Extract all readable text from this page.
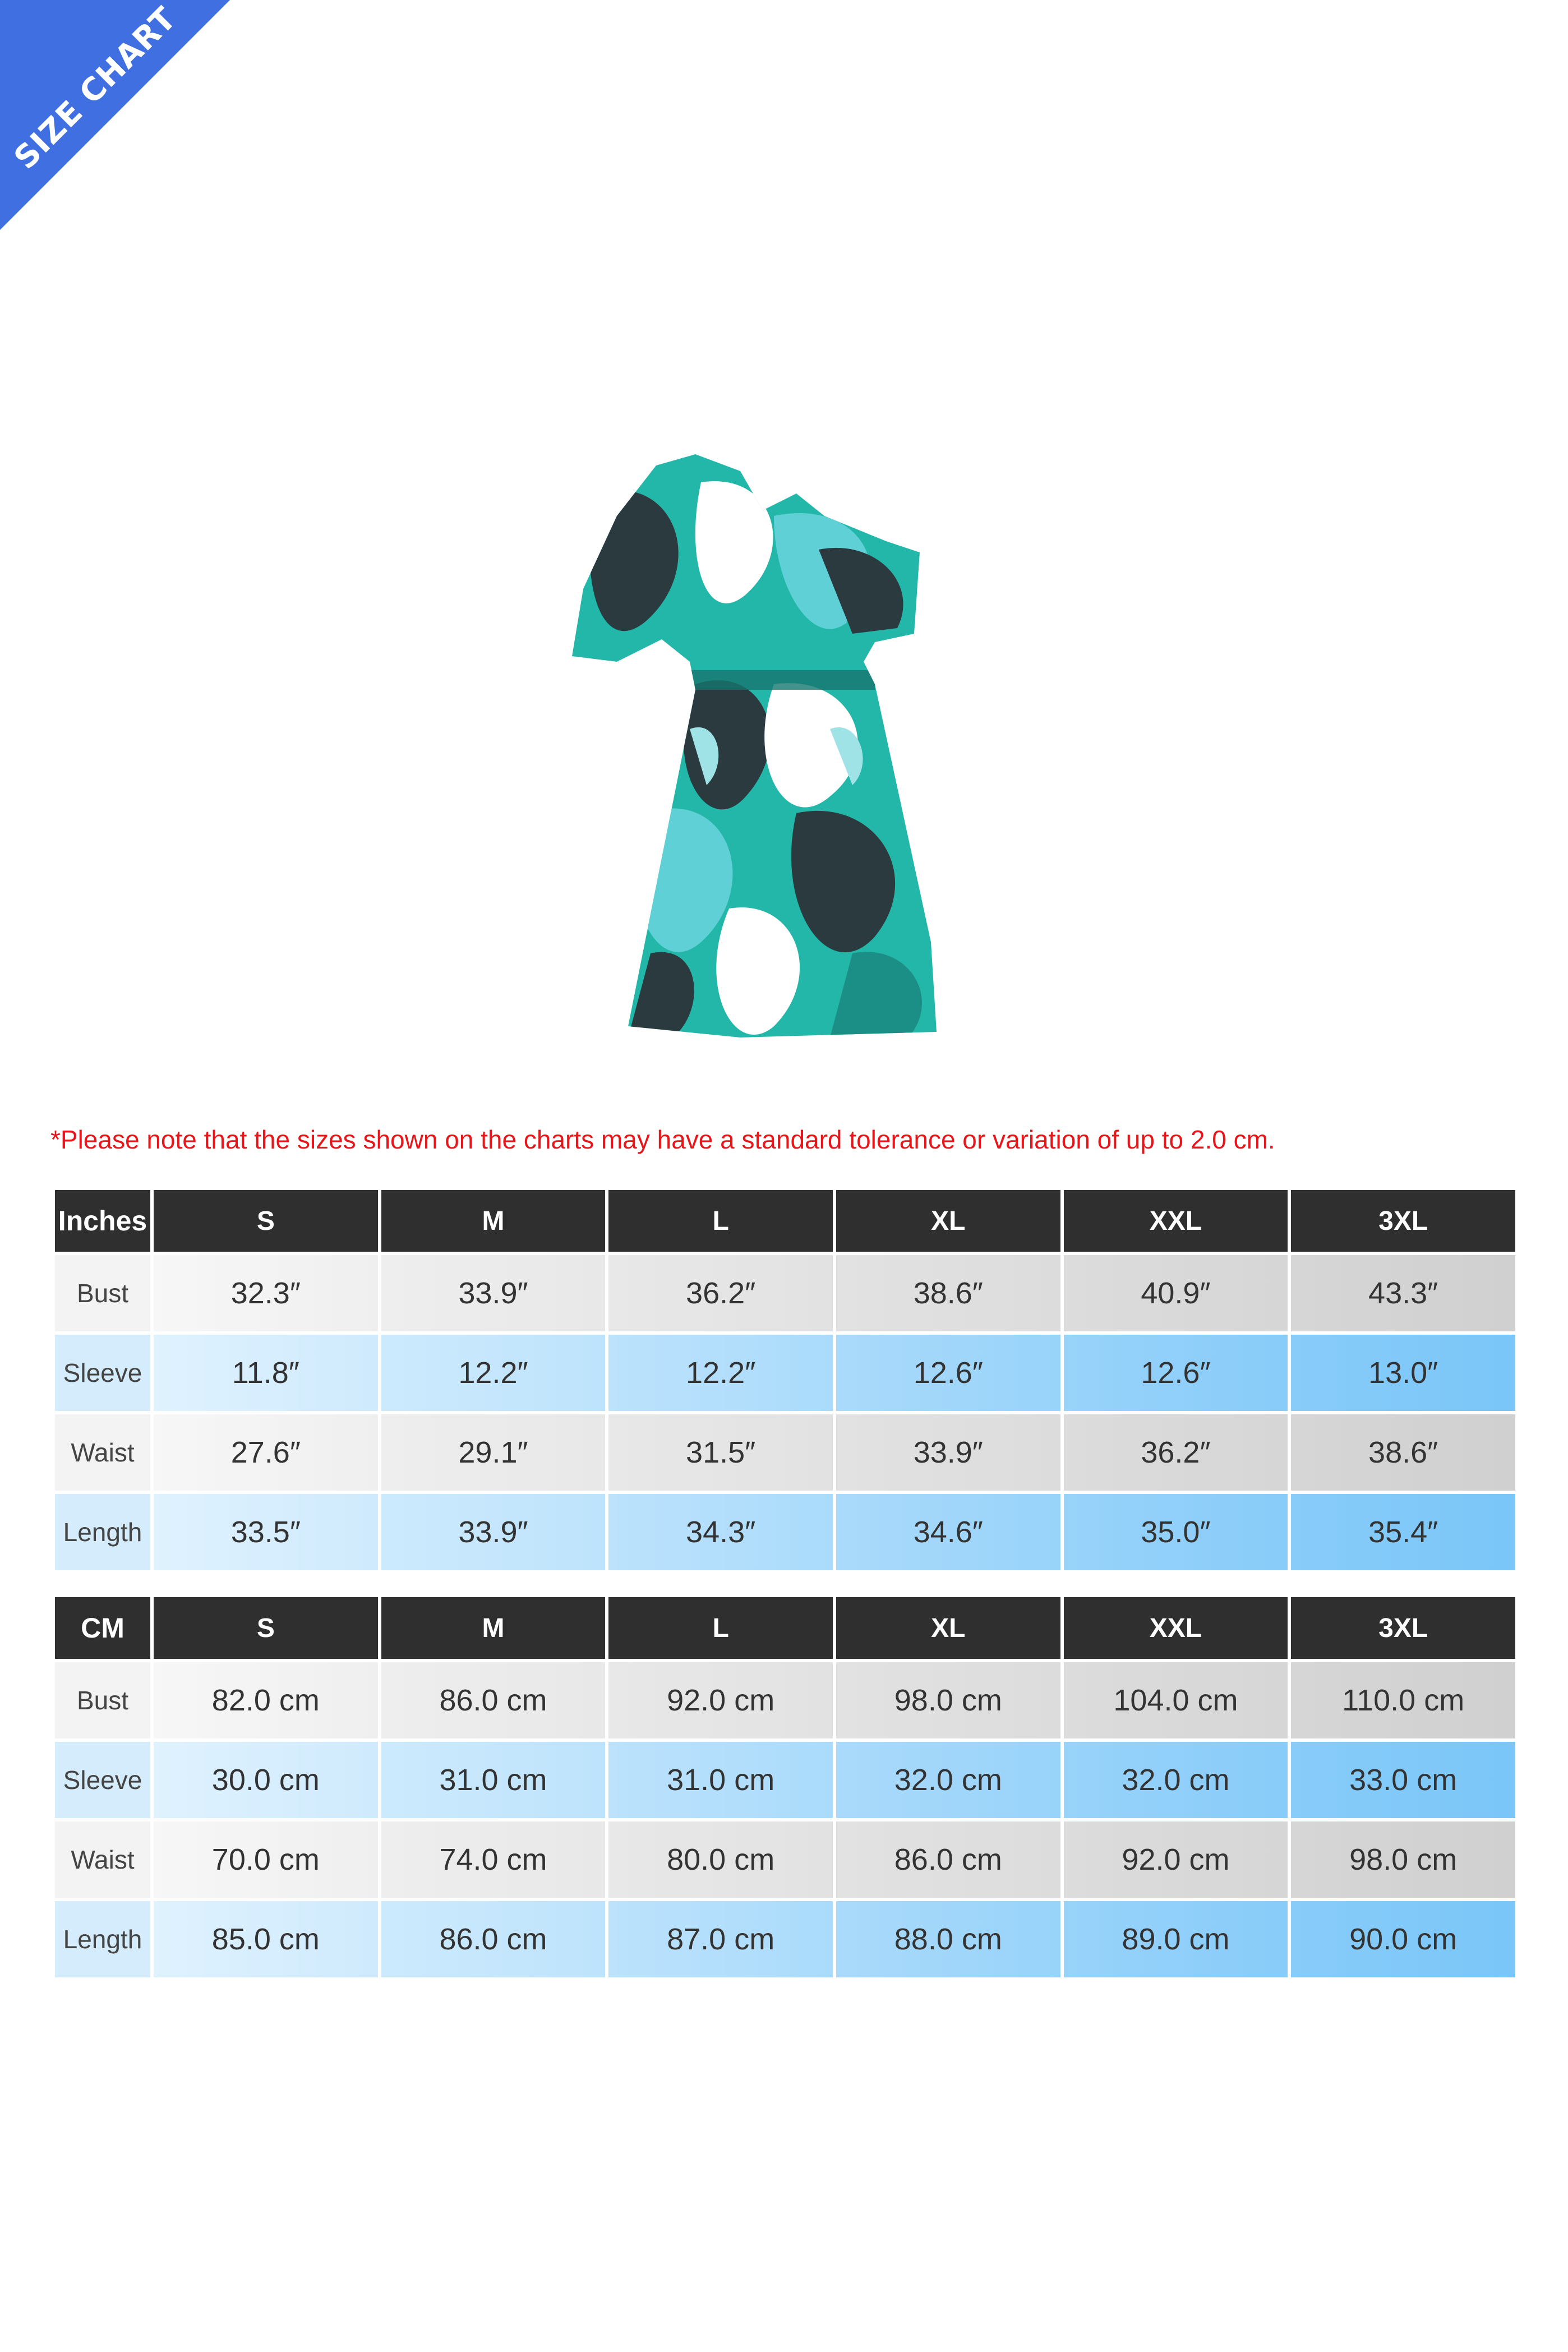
SIZE CHART
*Please note that the sizes shown on the charts may have a standard tolerance or variation of up to 2.0 cm.
Inches	S	M	L	XL	XXL	3XL
Bust	32.3″	33.9″	36.2″	38.6″	40.9″	43.3″
Sleeve	11.8″	12.2″	12.2″	12.6″	12.6″	13.0″
Waist	27.6″	29.1″	31.5″	33.9″	36.2″	38.6″
Length	33.5″	33.9″	34.3″	34.6″	35.0″	35.4″
CM	S	M	L	XL	XXL	3XL
Bust	82.0 cm	86.0 cm	92.0 cm	98.0 cm	104.0 cm	110.0 cm
Sleeve	30.0 cm	31.0 cm	31.0 cm	32.0 cm	32.0 cm	33.0 cm
Waist	70.0 cm	74.0 cm	80.0 cm	86.0 cm	92.0 cm	98.0 cm
Length	85.0 cm	86.0 cm	87.0 cm	88.0 cm	89.0 cm	90.0 cm
